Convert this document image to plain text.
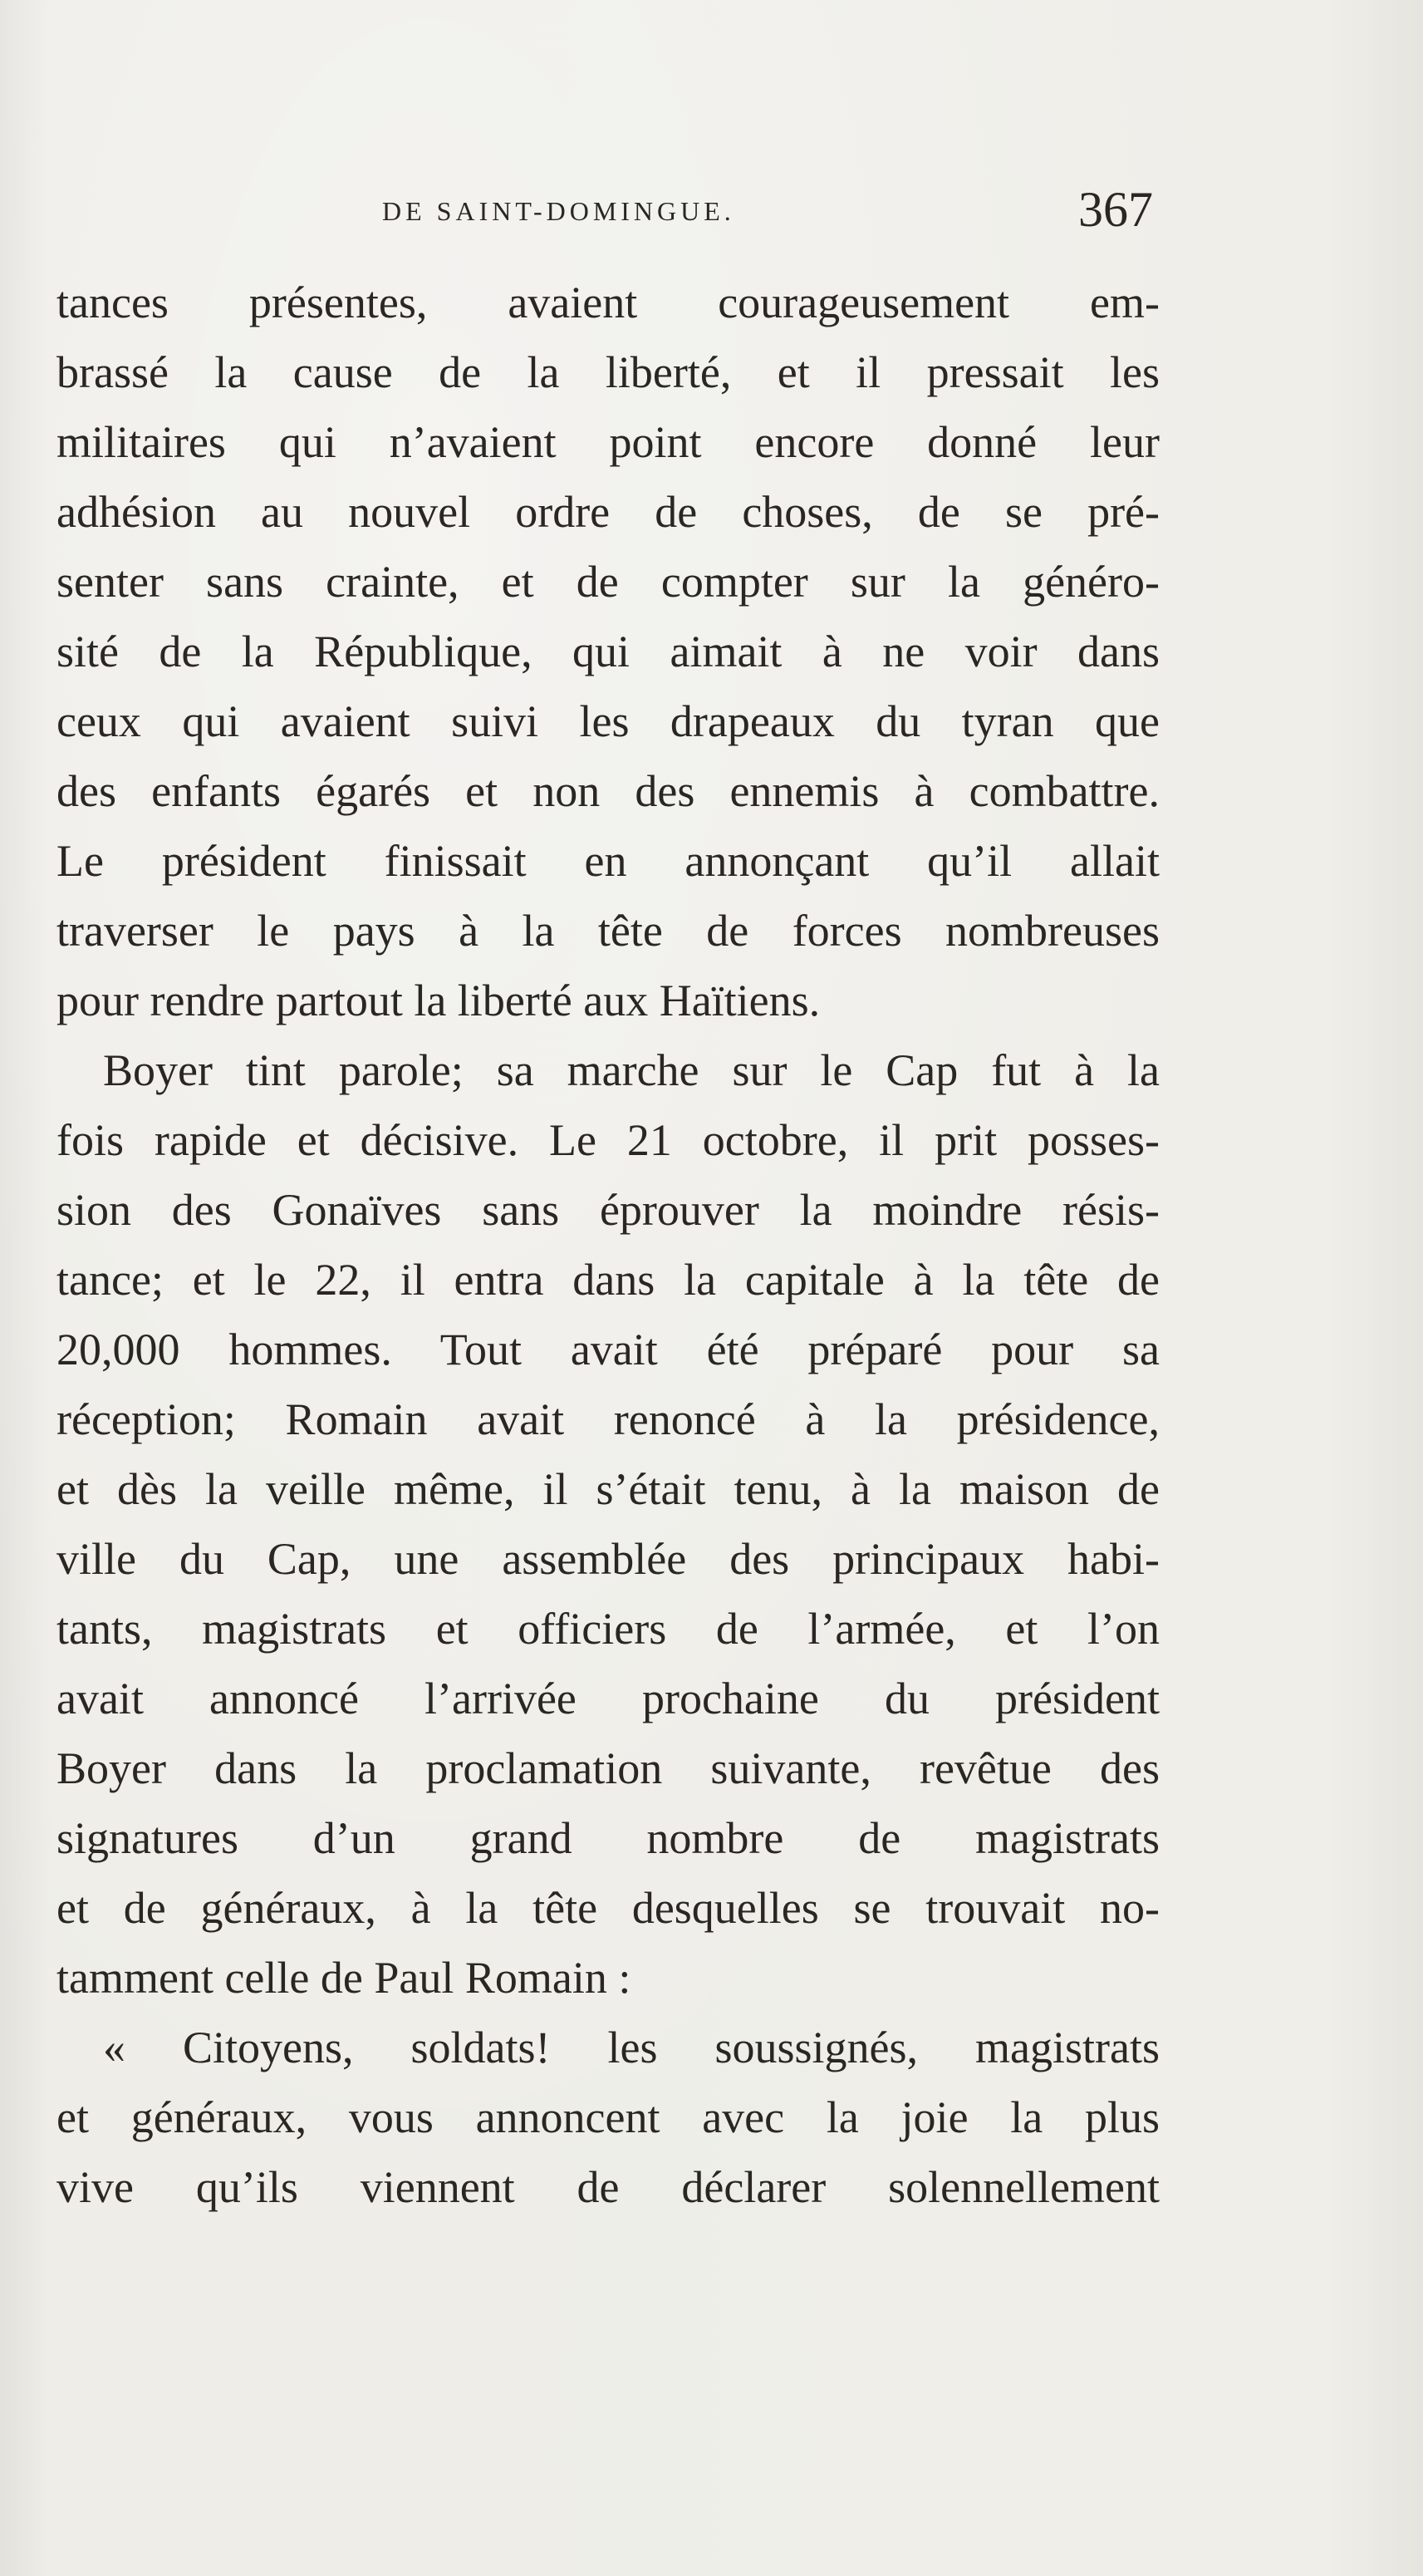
DE SAINT-DOMINGUE.	367
tances présentes, avaient courageusement em-
brassé la cause de la liberté, et il pressait les
militaires qui n’avaient point encore donné leur
adhésion au nouvel ordre de choses, de se pré-
senter sans crainte, et de compter sur la généro-
sité de la République, qui aimait à ne voir dans
ceux qui avaient suivi les drapeaux du tyran que
des enfants égarés et non des ennemis à combattre.
Le président finissait en annonçant qu’il allait
traverser le pays à la tête de forces nombreuses
pour rendre partout la liberté aux Haïtiens.
Boyer tint parole; sa marche sur le Cap fut à la
fois rapide et décisive. Le 21 octobre, il prit posses-
sion des Gonaïves sans éprouver la moindre résis-
tance; et le 22, il entra dans la capitale à la tête de
20,000 hommes. Tout avait été préparé pour sa
réception; Romain avait renoncé à la présidence,
et dès la veille même, il s’était tenu, à la maison de
ville du Cap, une assemblée des principaux habi-
tants, magistrats et officiers de l’armée, et l’on
avait annoncé l’arrivée prochaine du président
Boyer dans la proclamation suivante, revêtue des
signatures d’un grand nombre de magistrats
et de généraux, à la tête desquelles se trouvait no-
tamment celle de Paul Romain :
« Citoyens, soldats! les soussignés, magistrats
et généraux, vous annoncent avec la joie la plus
vive qu’ils viennent de déclarer solennellement
